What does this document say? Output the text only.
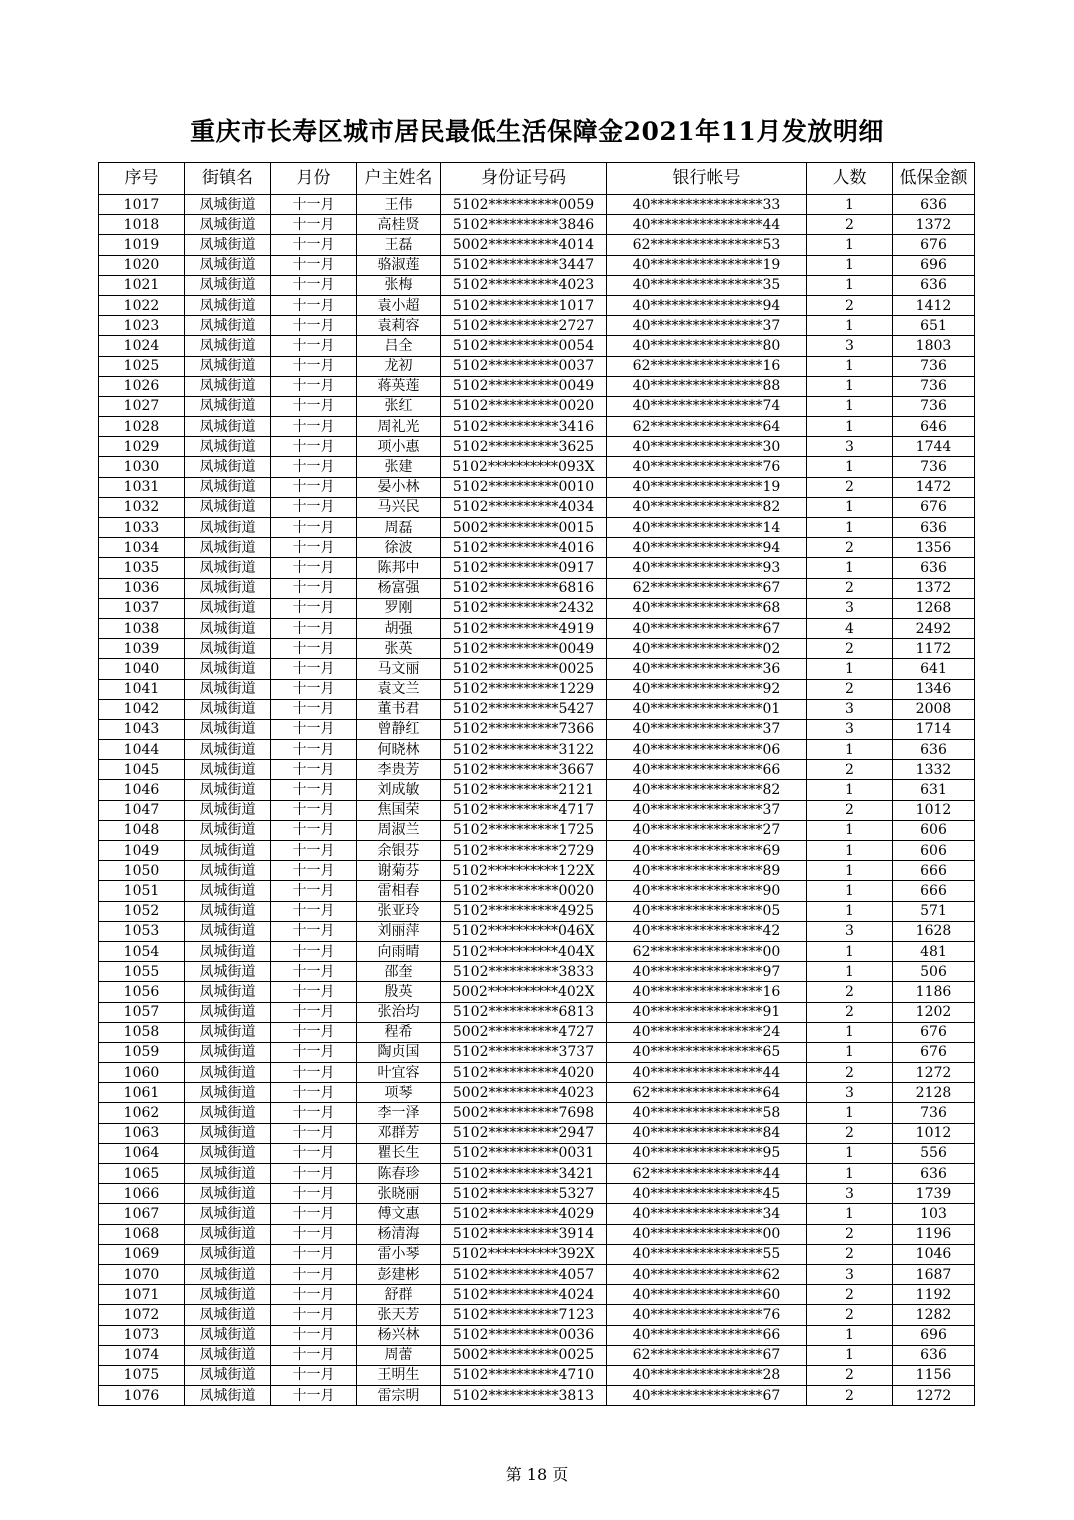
重庆市长寿区城市居民最低生活保障金2021年11月发放明细
序号	街镇名	月份	户主姓名	身份证号码	银行帐号	人数	低保金额
1017	凤城街道	十一月	王伟	5102**********0059	40****************33	1	636
1018	凤城街道	十一月	高桂贤	5102**********3846	40****************44	2	1372
1019	凤城街道	十一月	王磊	5002**********4014	62****************53	1	676
1020	凤城街道	十一月	骆淑莲	5102**********3447	40****************19	1	696
1021	凤城街道	十一月	张梅	5102**********4023	40****************35	1	636
1022	凤城街道	十一月	袁小超	5102**********1017	40****************94	2	1412
1023	凤城街道	十一月	袁莉容	5102**********2727	40****************37	1	651
1024	凤城街道	十一月	吕全	5102**********0054	40****************80	3	1803
1025	凤城街道	十一月	龙初	5102**********0037	62****************16	1	736
1026	凤城街道	十一月	蒋英莲	5102**********0049	40****************88	1	736
1027	凤城街道	十一月	张红	5102**********0020	40****************74	1	736
1028	凤城街道	十一月	周礼光	5102**********3416	62****************64	1	646
1029	凤城街道	十一月	项小惠	5102**********3625	40****************30	3	1744
1030	凤城街道	十一月	张建	5102**********093X	40****************76	1	736
1031	凤城街道	十一月	晏小林	5102**********0010	40****************19	2	1472
1032	凤城街道	十一月	马兴民	5102**********4034	40****************82	1	676
1033	凤城街道	十一月	周磊	5002**********0015	40****************14	1	636
1034	凤城街道	十一月	徐波	5102**********4016	40****************94	2	1356
1035	凤城街道	十一月	陈邦中	5102**********0917	40****************93	1	636
1036	凤城街道	十一月	杨富强	5102**********6816	62****************67	2	1372
1037	凤城街道	十一月	罗刚	5102**********2432	40****************68	3	1268
1038	凤城街道	十一月	胡强	5102**********4919	40****************67	4	2492
1039	凤城街道	十一月	张英	5102**********0049	40****************02	2	1172
1040	凤城街道	十一月	马文丽	5102**********0025	40****************36	1	641
1041	凤城街道	十一月	袁文兰	5102**********1229	40****************92	2	1346
1042	凤城街道	十一月	董书君	5102**********5427	40****************01	3	2008
1043	凤城街道	十一月	曾静红	5102**********7366	40****************37	3	1714
1044	凤城街道	十一月	何晓林	5102**********3122	40****************06	1	636
1045	凤城街道	十一月	李贵芳	5102**********3667	40****************66	2	1332
1046	凤城街道	十一月	刘成敏	5102**********2121	40****************82	1	631
1047	凤城街道	十一月	焦国荣	5102**********4717	40****************37	2	1012
1048	凤城街道	十一月	周淑兰	5102**********1725	40****************27	1	606
1049	凤城街道	十一月	余银芬	5102**********2729	40****************69	1	606
1050	凤城街道	十一月	谢菊芬	5102**********122X	40****************89	1	666
1051	凤城街道	十一月	雷相春	5102**********0020	40****************90	1	666
1052	凤城街道	十一月	张亚玲	5102**********4925	40****************05	1	571
1053	凤城街道	十一月	刘丽萍	5102**********046X	40****************42	3	1628
1054	凤城街道	十一月	向雨晴	5102**********404X	62****************00	1	481
1055	凤城街道	十一月	邵奎	5102**********3833	40****************97	1	506
1056	凤城街道	十一月	殷英	5002**********402X	40****************16	2	1186
1057	凤城街道	十一月	张治均	5102**********6813	40****************91	2	1202
1058	凤城街道	十一月	程希	5002**********4727	40****************24	1	676
1059	凤城街道	十一月	陶贞国	5102**********3737	40****************65	1	676
1060	凤城街道	十一月	叶宜容	5102**********4020	40****************44	2	1272
1061	凤城街道	十一月	项琴	5002**********4023	62****************64	3	2128
1062	凤城街道	十一月	李一泽	5002**********7698	40****************58	1	736
1063	凤城街道	十一月	邓群芳	5102**********2947	40****************84	2	1012
1064	凤城街道	十一月	瞿长生	5102**********0031	40****************95	1	556
1065	凤城街道	十一月	陈春珍	5102**********3421	62****************44	1	636
1066	凤城街道	十一月	张晓丽	5102**********5327	40****************45	3	1739
1067	凤城街道	十一月	傅文惠	5102**********4029	40****************34	1	103
1068	凤城街道	十一月	杨清海	5102**********3914	40****************00	2	1196
1069	凤城街道	十一月	雷小琴	5102**********392X	40****************55	2	1046
1070	凤城街道	十一月	彭建彬	5102**********4057	40****************62	3	1687
1071	凤城街道	十一月	舒群	5102**********4024	40****************60	2	1192
1072	凤城街道	十一月	张天芳	5102**********7123	40****************76	2	1282
1073	凤城街道	十一月	杨兴林	5102**********0036	40****************66	1	696
1074	凤城街道	十一月	周蕾	5002**********0025	62****************67	1	636
1075	凤城街道	十一月	王明生	5102**********4710	40****************28	2	1156
1076	凤城街道	十一月	雷宗明	5102**********3813	40****************67	2	1272
第 18 页
